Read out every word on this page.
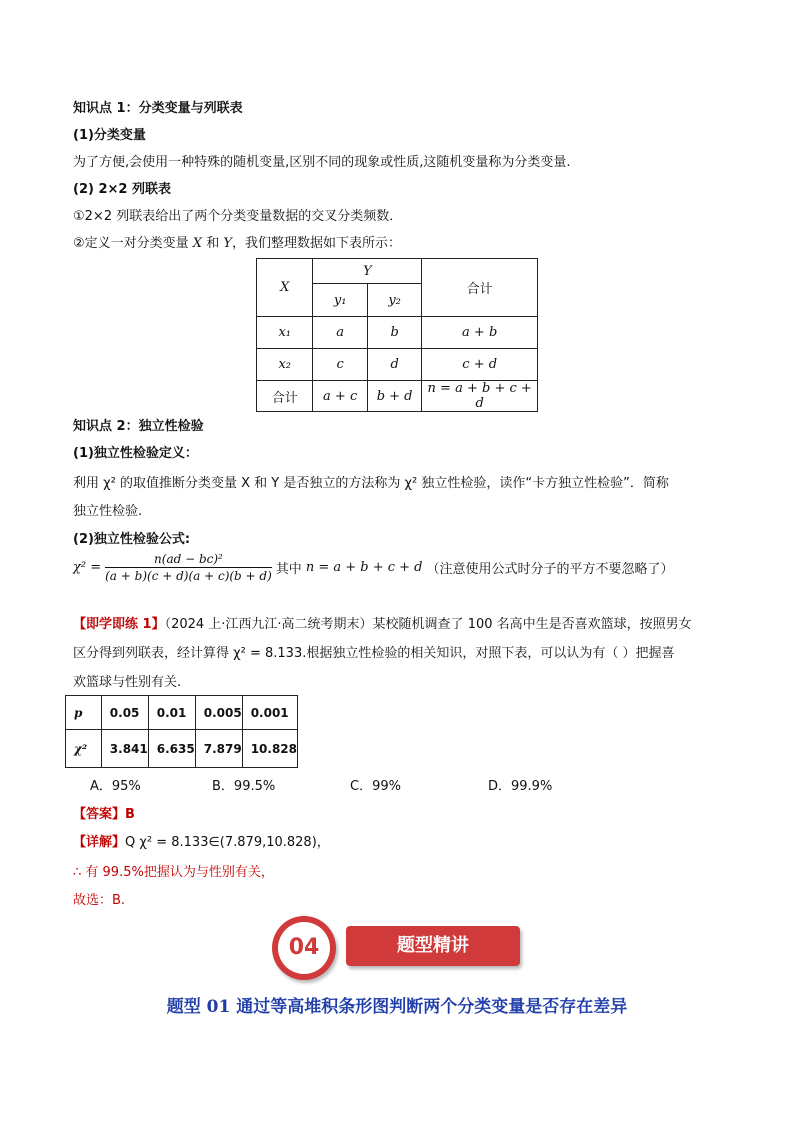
知识点 1：分类变量与列联表
(1)分类变量
为了方便,会使用一种特殊的随机变量,区别不同的现象或性质,这随机变量称为分类变量.
(2) 2×2 列联表
①2×2 列联表给出了两个分类变量数据的交叉分类频数．
②定义一对分类变量 X 和 Y，我们整理数据如下表所示：
X	Y		合计
	y₁	y₂	
x₁	a	b	a + b
x₂	c	d	c + d
合计	a + c	b + d	n = a + b + c + d
知识点 2：独立性检验
(1)独立性检验定义：
利用 χ² 的取值推断分类变量 X 和 Y 是否独立的方法称为 χ² 独立性检验，读作“卡方独立性检验”．简称
独立性检验.
(2)独立性检验公式:
$\chi^2 = \frac{\text{n(ad − bc)²}}{(a + b)(c + d)(a + c)(b + d)}$ 其中 n = a + b + c + d （注意使用公式时分子的平方不要忽略了）
【即学即练 1】（2024 上·江西九江·高二统考期末）某校随机调查了 100 名高中生是否喜欢篮球，按照男女
区分得到列联表，经计算得 χ² = 8.133.根据独立性检验的相关知识，对照下表，可以认为有（ ）把握喜
欢篮球与性别有关.
p	0.05	0.01	0.005	0.001
χ²	3.841	6.635	7.879	10.828
A．95%	B．99.5%	C．99%	D．99.9%
【答案】B
【详解】Q χ² = 8.133∈(7.879,10.828)，
∴ 有 99.5%把握认为与性别有关，
故选：B.
04	题型精讲
题型 01 通过等高堆积条形图判断两个分类变量是否存在差异
